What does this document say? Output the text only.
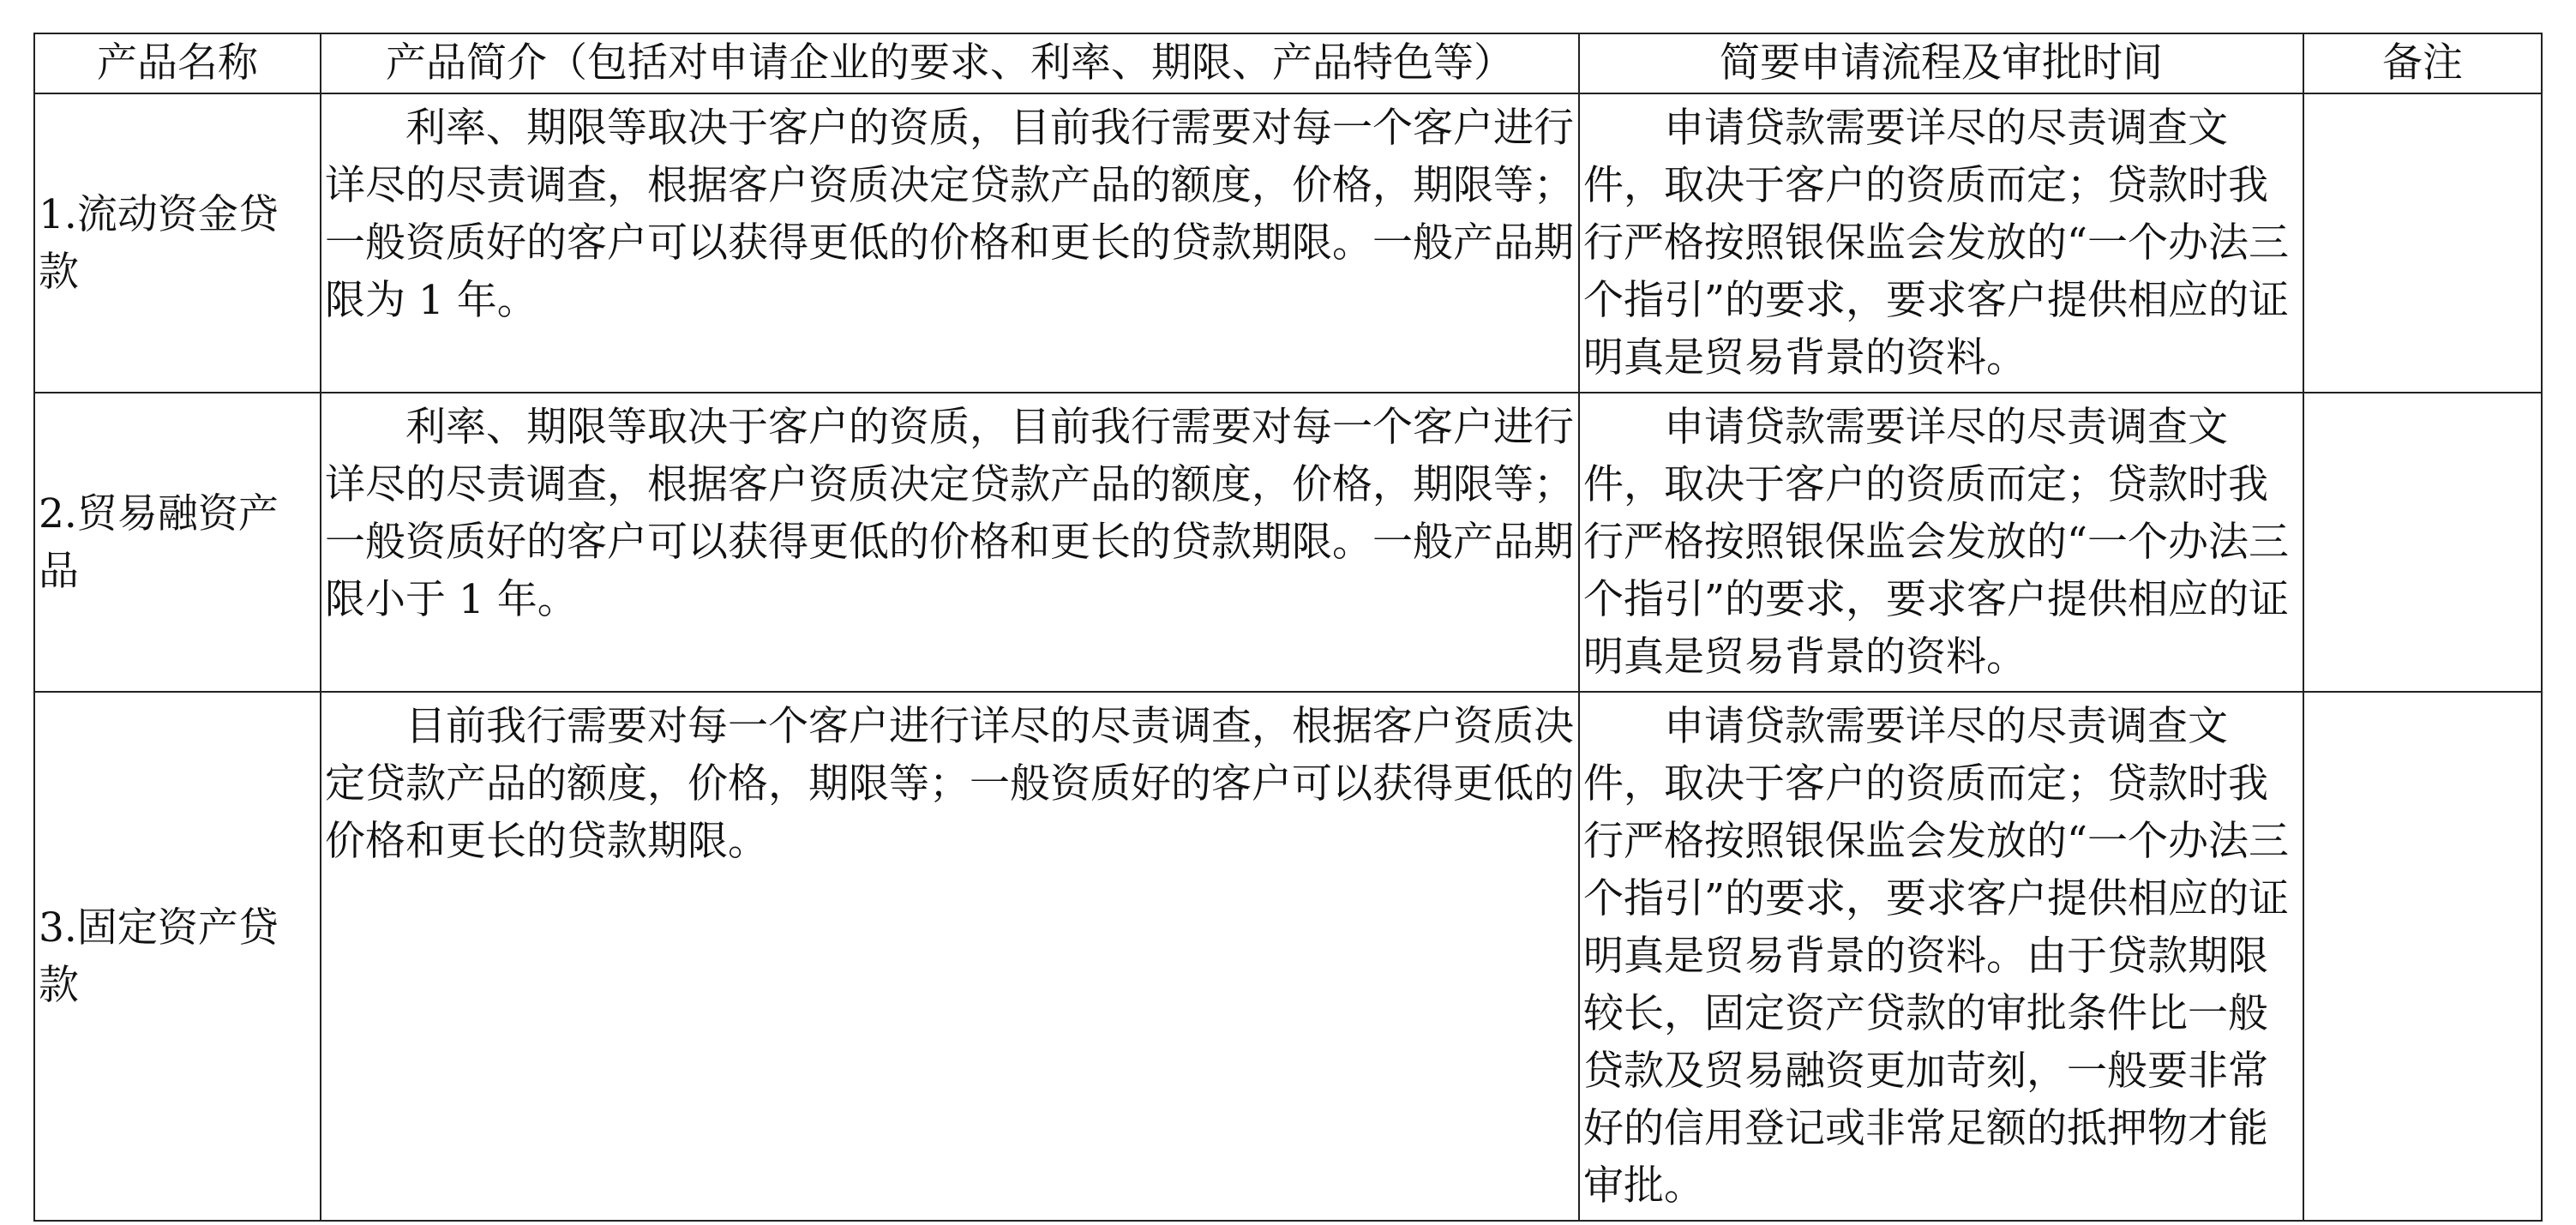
产品名称	产品简介（包括对申请企业的要求、利率、期限、产品特色等）	简要申请流程及审批时间	备注
1.流动资金贷款	利率、期限等取决于客户的资质，目前我行需要对每一个客户进行详尽的尽责调查，根据客户资质决定贷款产品的额度，价格，期限等；一般资质好的客户可以获得更低的价格和更长的贷款期限。一般产品期限为 1 年。	申请贷款需要详尽的尽责调查文件，取决于客户的资质而定；贷款时我行严格按照银保监会发放的“一个办法三个指引”的要求，要求客户提供相应的证明真是贸易背景的资料。	

2.贸易融资产品	利率、期限等取决于客户的资质，目前我行需要对每一个客户进行详尽的尽责调查，根据客户资质决定贷款产品的额度，价格，期限等；一般资质好的客户可以获得更低的价格和更长的贷款期限。一般产品期限小于 1 年。	申请贷款需要详尽的尽责调查文件，取决于客户的资质而定；贷款时我行严格按照银保监会发放的“一个办法三个指引”的要求，要求客户提供相应的证明真是贸易背景的资料。	

3.固定资产贷款	目前我行需要对每一个客户进行详尽的尽责调查，根据客户资质决定贷款产品的额度，价格，期限等；一般资质好的客户可以获得更低的价格和更长的贷款期限。	申请贷款需要详尽的尽责调查文件，取决于客户的资质而定；贷款时我行严格按照银保监会发放的“一个办法三个指引”的要求，要求客户提供相应的证明真是贸易背景的资料。由于贷款期限较长，固定资产贷款的审批条件比一般贷款及贸易融资更加苛刻，一般要非常好的信用登记或非常足额的抵押物才能审批。	
